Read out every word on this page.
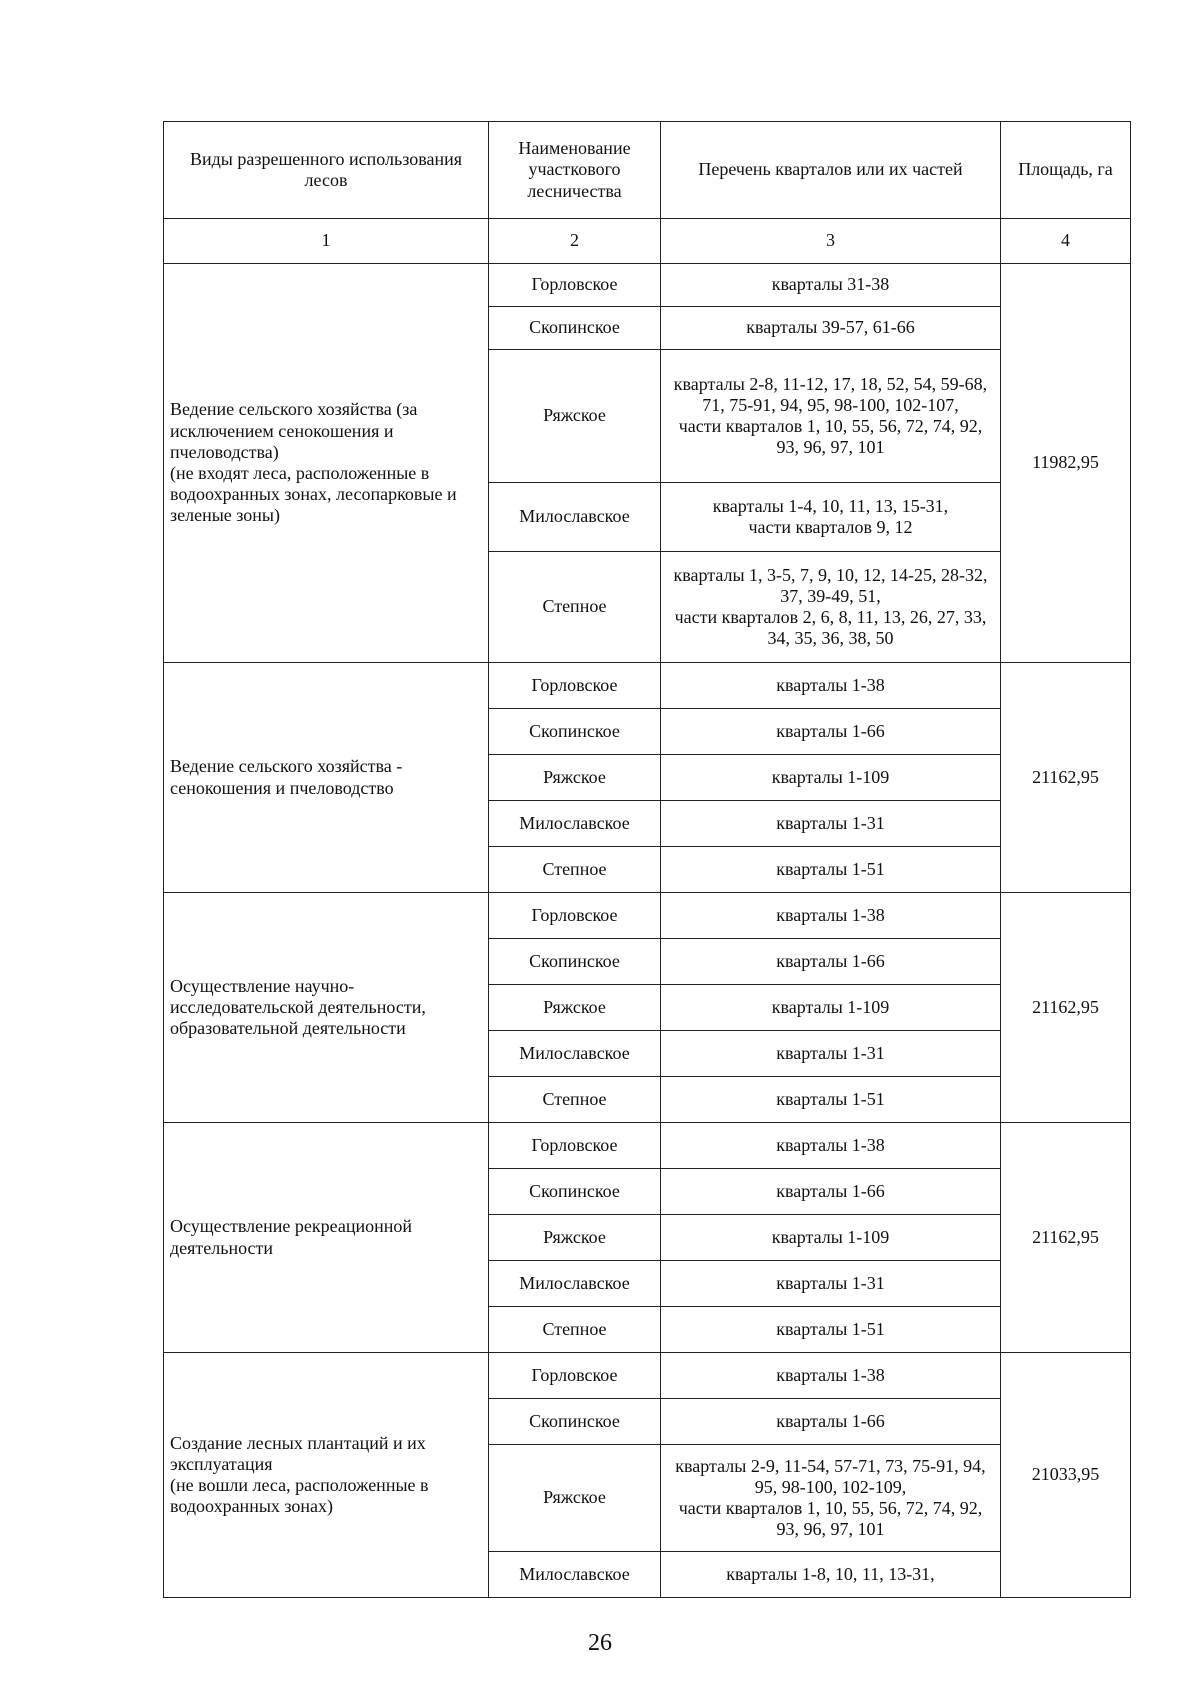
Виды разрешенного использования лесов	Наименование участкового лесничества	Перечень кварталов или их частей	Площадь, га
1	2	3	4

Ведение сельского хозяйства (за исключением сенокошения и пчеловодства)
(не входят леса, расположенные в водоохранных зонах, лесопарковые и зеленые зоны)	Горловское	кварталы 31-38	11982,95
	Скопинское	кварталы 39-57, 61-66	
	Ряжское	кварталы 2-8, 11-12, 17, 18, 52, 54, 59-68, 71, 75-91, 94, 95, 98-100, 102-107,
части кварталов 1, 10, 55, 56, 72, 74, 92, 93, 96, 97, 101	

	Милославское	кварталы 1-4, 10, 11, 13, 15-31,
части кварталов 9, 12	

	Степное	кварталы 1, 3-5, 7, 9, 10, 12, 14-25, 28-32, 37, 39-49, 51,
части кварталов 2, 6, 8, 11, 13, 26, 27, 33, 34, 35, 36, 38, 50	

Ведение сельского хозяйства - сенокошения и пчеловодство	Горловское	кварталы 1-38	21162,95
	Скопинское	кварталы 1-66	
	Ряжское	кварталы 1-109	
	Милославское	кварталы 1-31	
	Степное	кварталы 1-51	
Осуществление научно-исследовательской деятельности, образовательной деятельности	Горловское	кварталы 1-38	21162,95
	Скопинское	кварталы 1-66	
	Ряжское	кварталы 1-109	
	Милославское	кварталы 1-31	
	Степное	кварталы 1-51	
Осуществление рекреационной деятельности	Горловское	кварталы 1-38	21162,95
	Скопинское	кварталы 1-66	
	Ряжское	кварталы 1-109	
	Милославское	кварталы 1-31	
	Степное	кварталы 1-51	

Создание лесных плантаций и их эксплуатация
(не вошли леса, расположенные в водоохранных зонах)	Горловское	кварталы 1-38	21033,95
	Скопинское	кварталы 1-66	
	Ряжское	кварталы 2-9, 11-54, 57-71, 73, 75-91, 94, 95, 98-100, 102-109,
части кварталов 1, 10, 55, 56, 72, 74, 92, 93, 96, 97, 101	

	Милославское	кварталы 1-8, 10, 11, 13-31,	
26
